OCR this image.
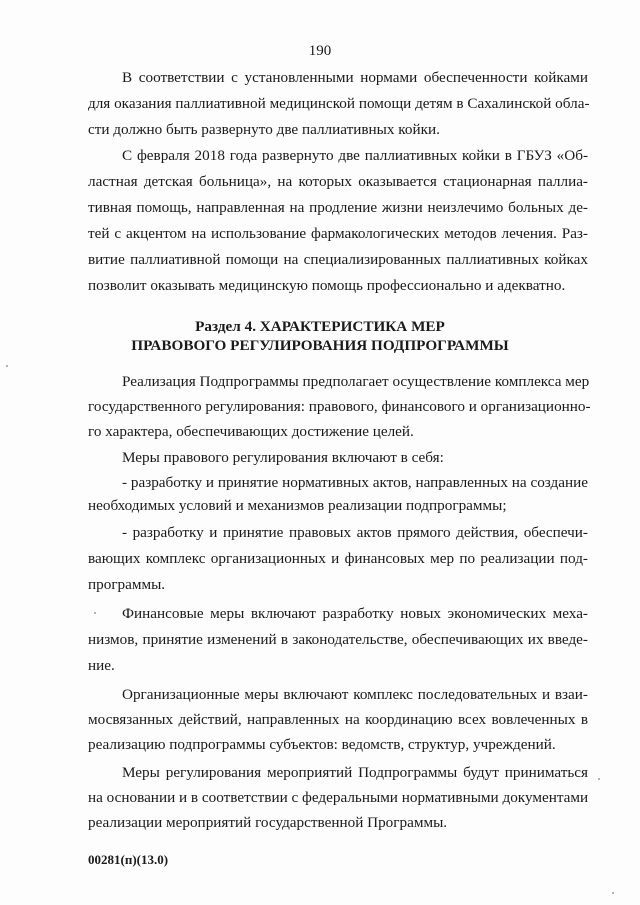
190
В соответствии с установленными нормами обеспеченности койками
для оказания паллиативной медицинской помощи детям в Сахалинской обла-
сти должно быть развернуто две паллиативных койки.
С февраля 2018 года развернуто две паллиативных койки в ГБУЗ «Об-
ластная детская больница», на которых оказывается стационарная паллиа-
тивная помощь, направленная на продление жизни неизлечимо больных де-
тей с акцентом на использование фармакологических методов лечения. Раз-
витие паллиативной помощи на специализированных паллиативных койках
позволит оказывать медицинскую помощь профессионально и адекватно.
Раздел 4. ХАРАКТЕРИСТИКА МЕР
ПРАВОВОГО РЕГУЛИРОВАНИЯ ПОДПРОГРАММЫ
Реализация Подпрограммы предполагает осуществление комплекса мер
государственного регулирования: правового, финансового и организационно-
го характера, обеспечивающих достижение целей.
Меры правового регулирования включают в себя:
- разработку и принятие нормативных актов, направленных на создание
необходимых условий и механизмов реализации подпрограммы;
- разработку и принятие правовых актов прямого действия, обеспечи-
вающих комплекс организационных и финансовых мер по реализации под-
программы.
Финансовые меры включают разработку новых экономических меха-
низмов, принятие изменений в законодательстве, обеспечивающих их введе-
ние.
Организационные меры включают комплекс последовательных и взаи-
мосвязанных действий, направленных на координацию всех вовлеченных в
реализацию подпрограммы субъектов: ведомств, структур, учреждений.
Меры регулирования мероприятий Подпрограммы будут приниматься
на основании и в соответствии с федеральными нормативными документами
реализации мероприятий государственной Программы.
00281(п)(13.0)
